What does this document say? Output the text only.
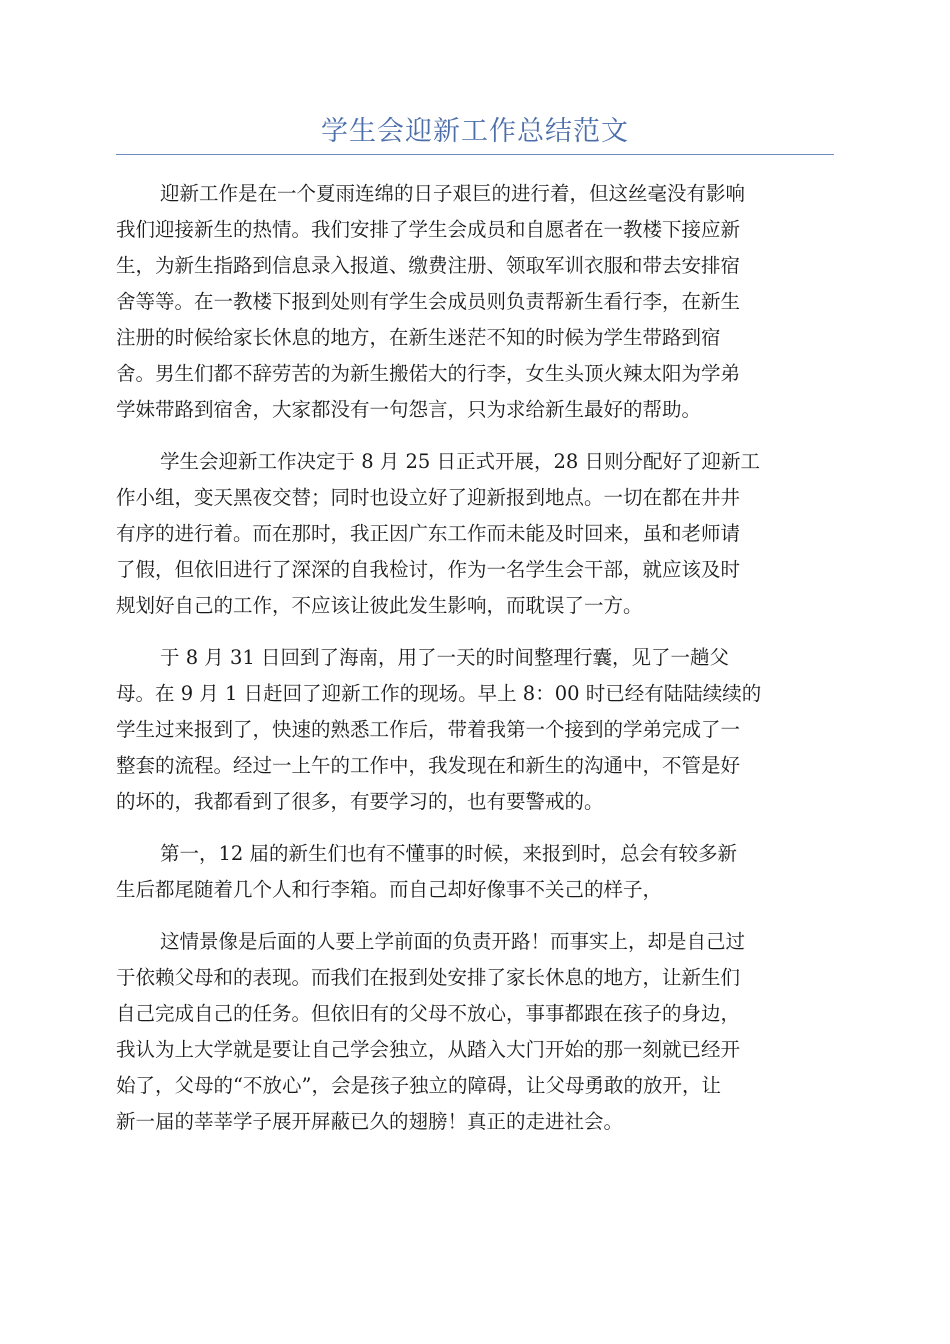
学生会迎新工作总结范文
迎新工作是在一个夏雨连绵的日子艰巨的进行着，但这丝毫没有影响
我们迎接新生的热情。我们安排了学生会成员和自愿者在一教楼下接应新
生，为新生指路到信息录入报道、缴费注册、领取军训衣服和带去安排宿
舍等等。在一教楼下报到处则有学生会成员则负责帮新生看行李，在新生
注册的时候给家长休息的地方，在新生迷茫不知的时候为学生带路到宿
舍。男生们都不辞劳苦的为新生搬偌大的行李，女生头顶火辣太阳为学弟
学妹带路到宿舍，大家都没有一句怨言，只为求给新生最好的帮助。
学生会迎新工作决定于 8 月 25 日正式开展，28 日则分配好了迎新工
作小组，变天黑夜交替；同时也设立好了迎新报到地点。一切在都在井井
有序的进行着。而在那时，我正因广东工作而未能及时回来，虽和老师请
了假，但依旧进行了深深的自我检讨，作为一名学生会干部，就应该及时
规划好自己的工作，不应该让彼此发生影响，而耽误了一方。
于 8 月 31 日回到了海南，用了一天的时间整理行囊，见了一趟父
母。在 9 月 1 日赶回了迎新工作的现场。早上 8：00 时已经有陆陆续续的
学生过来报到了，快速的熟悉工作后，带着我第一个接到的学弟完成了一
整套的流程。经过一上午的工作中，我发现在和新生的沟通中，不管是好
的坏的，我都看到了很多，有要学习的，也有要警戒的。
第一，12 届的新生们也有不懂事的时候，来报到时，总会有较多新
生后都尾随着几个人和行李箱。而自己却好像事不关己的样子，
这情景像是后面的人要上学前面的负责开路！而事实上，却是自己过
于依赖父母和的表现。而我们在报到处安排了家长休息的地方，让新生们
自己完成自己的任务。但依旧有的父母不放心，事事都跟在孩子的身边，
我认为上大学就是要让自己学会独立，从踏入大门开始的那一刻就已经开
始了，父母的“不放心”，会是孩子独立的障碍，让父母勇敢的放开，让
新一届的莘莘学子展开屏蔽已久的翅膀！真正的走进社会。
